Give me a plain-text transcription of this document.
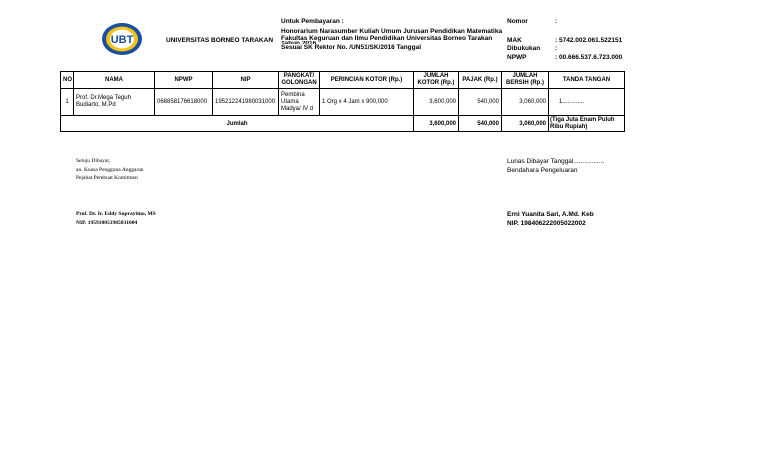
UBT	UNIVERSITAS BORNEO TARAKAN
Untuk Pembayaran :
Honorarium Narasumber Kuliah Umum Jurusan Pendidikan Matematika
Fakultas Keguruan dan Ilmu Pendidikan Universitas Borneo Tarakan
Sesuai SK Rektor No. /UN51/SK/2016 Tanggal
Nomor	:
MAK	: 5742.002.061.522151
Dibukukan :
NPWP	: 00.666.537.6.723.000
NO	NAMA	NPWP	NIP	PANGKAT/ GOLONGAN	PERINCIAN KOTOR (Rp.)	JUMLAH KOTOR (Rp.)	PAJAK (Rp.)	JUMLAH BERSIH (Rp.)	TANDA TANGAN
1	Prof. Dr.Mega Teguh Budiarto, M.Pd	068858176618000	195212241980031000	Pembina Utama Madya/ IV d	1 Org x 4 Jam x 900,000	3,600,000	540,000	3,060,000	1.............
Jumlah						3,600,000	540,000	3,060,000	(Tiga Juta Enam Puluh Ribu Rupiah)
Setuju Dibayar,
an. Kuasa Pengguna Anggaran
Pejabat Pembuat Komitmen
Prof. Dr. Ir. Eddy Suprayitno, MS
NIP. 195910051985031004
Lunas Dibayar Tanggal.................
Bendahara Pengeluaran
Erni Yuanita Sari, A.Md. Keb
NIP. 198406222005022002
